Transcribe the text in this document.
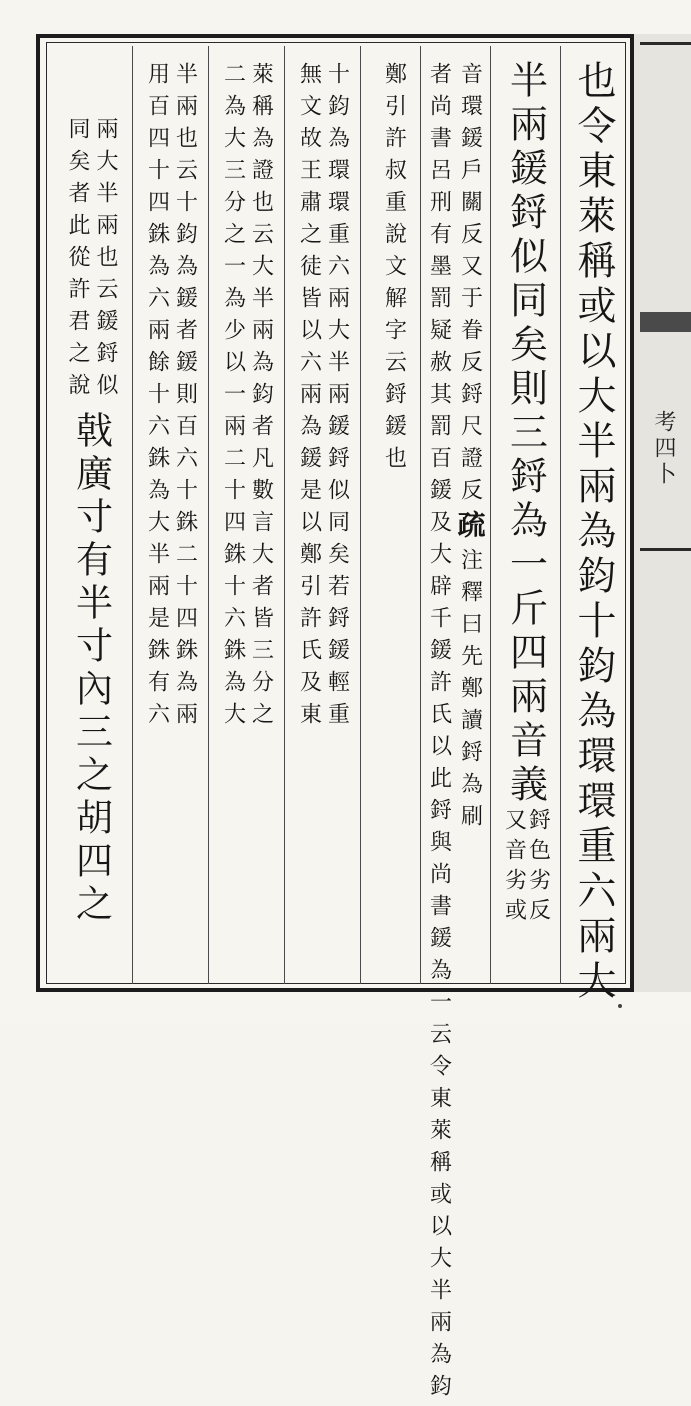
考四卜
也令東萊稱或以大半兩為鈞十鈞為環環重六兩大
半兩鍰鋝似同矣則三鋝為一斤四兩音義
鋝色劣反
又音劣或
音環鍰戶關反又于眷反鋝尺證反疏注釋曰先鄭讀鋝為刷
者尚書呂刑有墨罰疑赦其罰百鍰及大辟千鍰許氏以此鋝與尚書鍰為一云令東萊稱或以大半兩為鈞
鄭引許叔重說文解字云鋝鍰也
十鈞為環環重六兩大半兩鍰鋝似同矣若鋝鍰輕重
無文故王肅之徒皆以六兩為鍰是以鄭引許氏及東
萊稱為證也云大半兩為鈞者凡數言大者皆三分之
二為大三分之一為少以一兩二十四銖十六銖為大
半兩也云十鈞為鍰者鍰則百六十銖二十四銖為兩
用百四十四銖為六兩餘十六銖為大半兩是銖有六
兩大半兩也云鍰鋝似
同矣者此從許君之說
戟廣寸有半寸內三之胡四之
